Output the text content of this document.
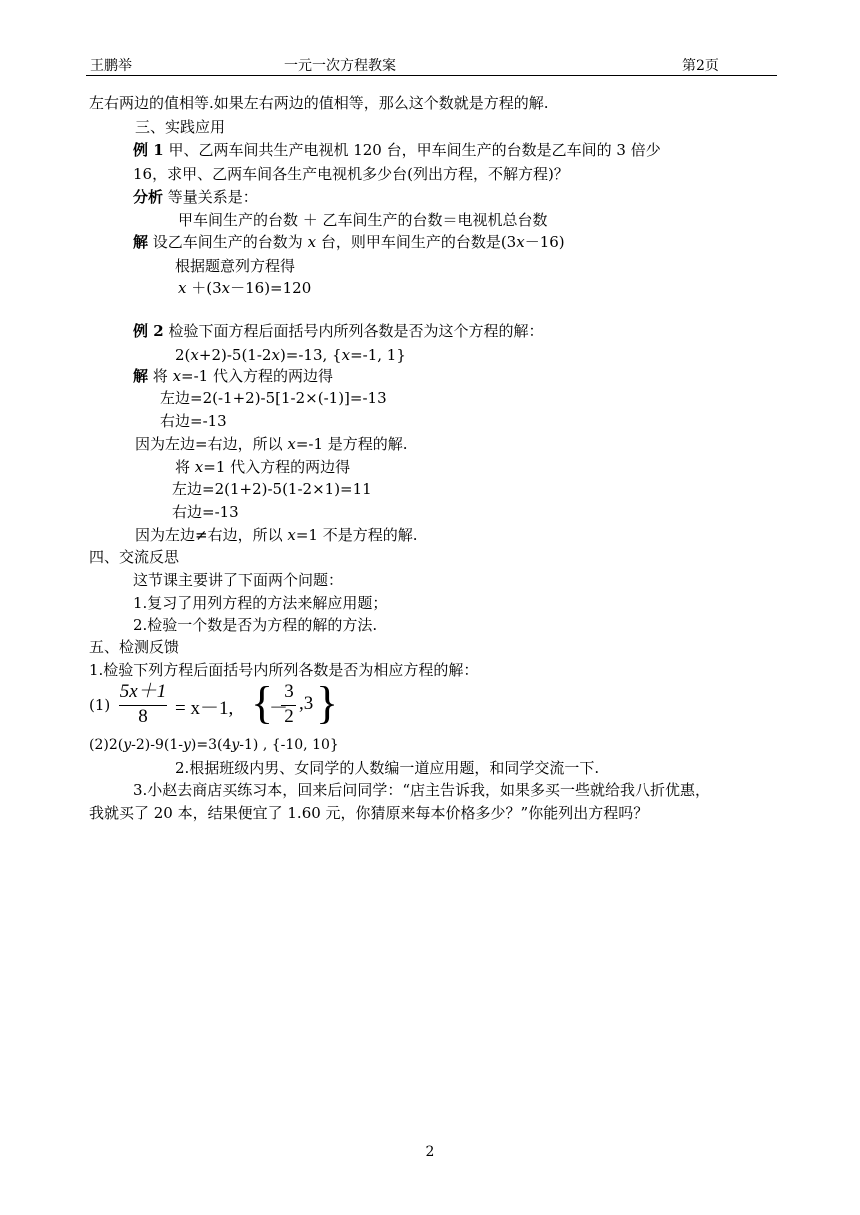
王鹏举	一元一次方程教案	第2页
左右两边的值相等.如果左右两边的值相等，那么这个数就是方程的解.
三、实践应用
例 1 甲、乙两车间共生产电视机 120 台，甲车间生产的台数是乙车间的 3 倍少
16，求甲、乙两车间各生产电视机多少台(列出方程，不解方程)？
分析 等量关系是：
甲车间生产的台数 ＋ 乙车间生产的台数＝电视机总台数
解 设乙车间生产的台数为 x 台，则甲车间生产的台数是(3x－16)
根据题意列方程得
x ＋(3x－16)=120
例 2 检验下面方程后面括号内所列各数是否为这个方程的解：
2(x+2)-5(1-2x)=-13, {x=-1, 1}
解 将 x=-1 代入方程的两边得
左边=2(-1+2)-5[1-2×(-1)]=-13
右边=-13
因为左边=右边，所以 x=-1 是方程的解.
将 x=1 代入方程的两边得
左边=2(1+2)-5(1-2×1)=11
右边=-13
因为左边≠右边，所以 x=1 不是方程的解.
四、交流反思
这节课主要讲了下面两个问题：
1.复习了用列方程的方法来解应用题；
2.检验一个数是否为方程的解的方法.
五、检测反馈
1.检验下列方程后面括号内所列各数是否为相应方程的解：
(1)
5x＋1
8	= x－1, {
－
3
2
,3 }
(2)2(y-2)-9(1-y)=3(4y-1) , {-10, 10}
2.根据班级内男、女同学的人数编一道应用题，和同学交流一下.
3.小赵去商店买练习本，回来后问同学：“店主告诉我，如果多买一些就给我八折优惠，
我就买了 20 本，结果便宜了 1.60 元，你猜原来每本价格多少？”你能列出方程吗？
2
